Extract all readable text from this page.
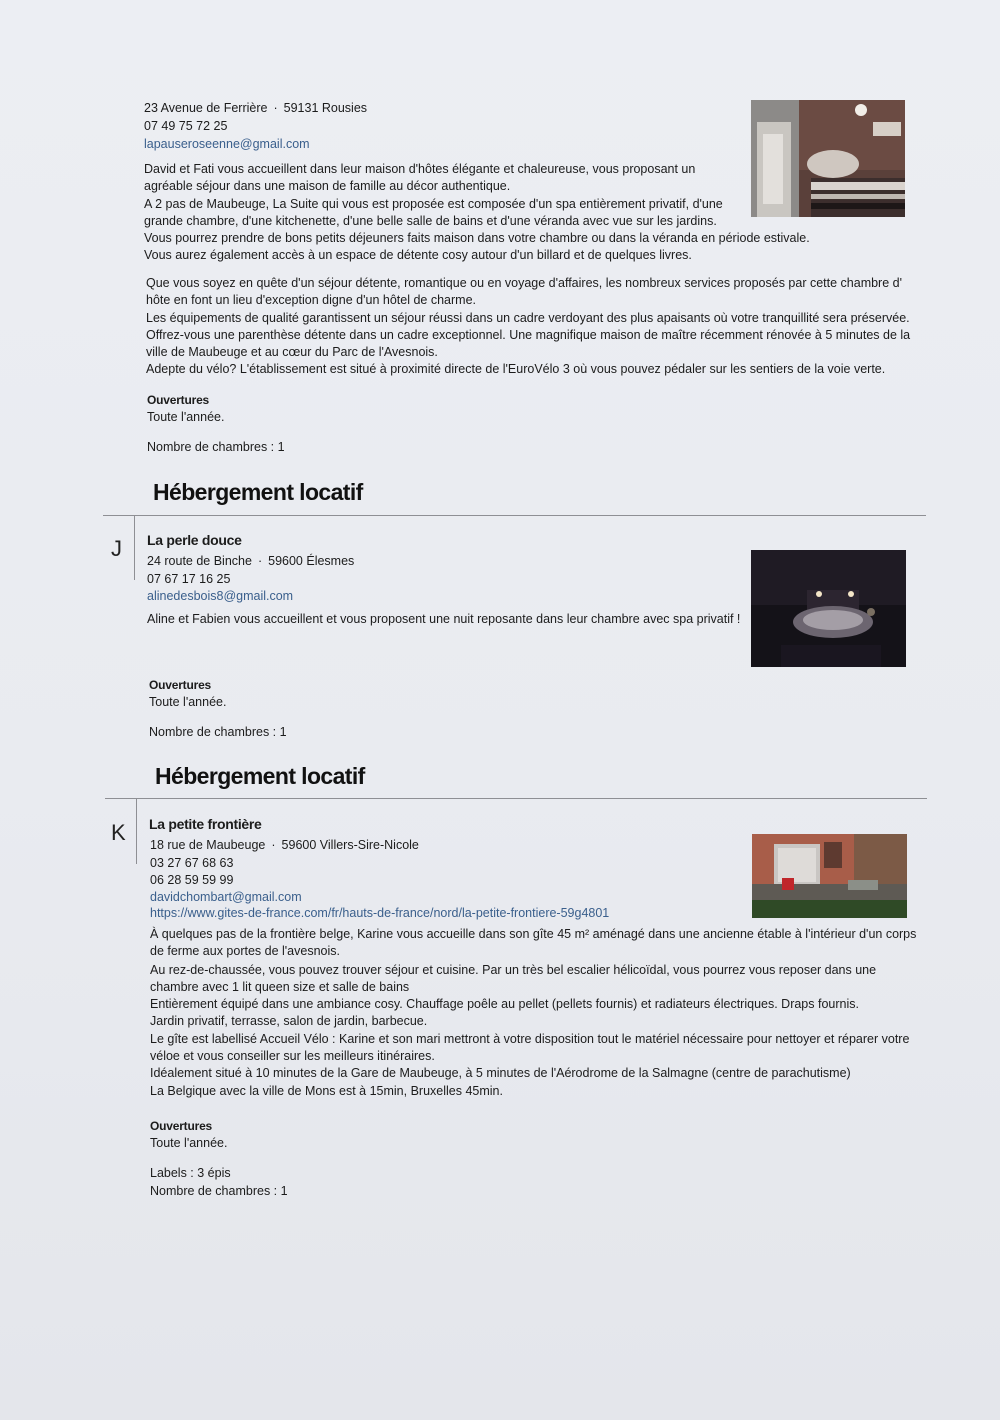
23 Avenue de Ferrière · 59131 Rousies
07 49 75 72 25
lapauseroseenne@gmail.com

David et Fati vous accueillent dans leur maison d'hôtes élégante et chaleureuse, vous proposant un

agréable séjour dans une maison de famille au décor authentique.

A 2 pas de Maubeuge, La Suite qui vous est proposée est composée d'un spa entièrement privatif, d'une

grande chambre, d'une kitchenette, d'une belle salle de bains et d'une véranda avec vue sur les jardins.

Vous pourrez prendre de bons petits déjeuners faits maison dans votre chambre ou dans la véranda en période estivale.

Vous aurez également accès à un espace de détente cosy autour d'un billard et de quelques livres.

Que vous soyez en quête d'un séjour détente, romantique ou en voyage d'affaires, les nombreux services proposés par cette chambre d'

hôte en font un lieu d'exception digne d'un hôtel de charme.

Les équipements de qualité garantissent un séjour réussi dans un cadre verdoyant des plus apaisants où votre tranquillité sera préservée.

Offrez-vous une parenthèse détente dans un cadre exceptionnel. Une magnifique maison de maître récemment rénovée à 5 minutes de la

ville de Maubeuge et au cœur du Parc de l'Avesnois.

Adepte du vélo? L'établissement est situé à proximité directe de l'EuroVélo 3 où vous pouvez pédaler sur les sentiers de la voie verte.

Ouvertures
Toute l'année.
Nombre de chambres : 1
Hébergement locatif
J La perle douce
24 route de Binche · 59600 Élesmes
07 67 17 16 25
alinedesbois8@gmail.com
Aline et Fabien vous accueillent et vous proposent une nuit reposante dans leur chambre avec spa privatif !
Ouvertures
Toute l'année.
Nombre de chambres : 1
Hébergement locatif
K La petite frontière
18 rue de Maubeuge · 59600 Villers-Sire-Nicole
03 27 67 68 63
06 28 59 59 99
davidchombart@gmail.com
https://www.gites-de-france.com/fr/hauts-de-france/nord/la-petite-frontiere-59g4801

À quelques pas de la frontière belge, Karine vous accueille dans son gîte 45 m² aménagé dans une ancienne étable à l'intérieur d'un corps

de ferme aux portes de l'avesnois.

Au rez-de-chaussée, vous pouvez trouver séjour et cuisine. Par un très bel escalier hélicoïdal, vous pourrez vous reposer dans une

chambre avec 1 lit queen size et salle de bains

Entièrement équipé dans une ambiance cosy. Chauffage poêle au pellet (pellets fournis) et radiateurs électriques. Draps fournis.

Jardin privatif, terrasse, salon de jardin, barbecue.

Le gîte est labellisé Accueil Vélo : Karine et son mari mettront à votre disposition tout le matériel nécessaire pour nettoyer et réparer votre

véloe et vous conseiller sur les meilleurs itinéraires.

Idéalement situé à 10 minutes de la Gare de Maubeuge, à 5 minutes de l'Aérodrome de la Salmagne (centre de parachutisme)

La Belgique avec la ville de Mons est à 15min, Bruxelles 45min.

Ouvertures
Toute l'année.
Labels : 3 épis
Nombre de chambres : 1
